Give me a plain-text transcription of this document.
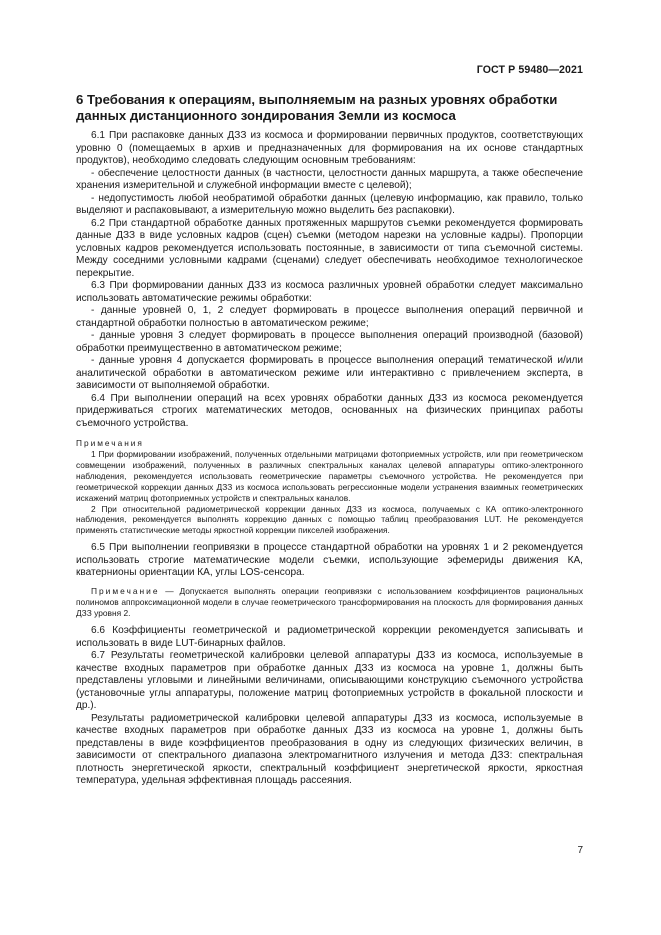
ГОСТ Р 59480—2021
6 Требования к операциям, выполняемым на разных уровнях обработки данных дистанционного зондирования Земли из космоса

6.1 При распаковке данных ДЗЗ из космоса и формировании первичных продуктов, соответствующих уровню 0 (помещаемых в архив и предназначенных для формирования на их основе стандартных продуктов), необходимо следовать следующим основным требованиям:

- обеспечение целостности данных (в частности, целостности данных маршрута, а также обеспечение хранения измерительной и служебной информации вместе с целевой);

- недопустимость любой необратимой обработки данных (целевую информацию, как правило, только выделяют и распаковывают, а измерительную можно выделить без распаковки).

6.2 При стандартной обработке данных протяженных маршрутов съемки рекомендуется формировать данные ДЗЗ в виде условных кадров (сцен) съемки (методом нарезки на условные кадры). Пропорции условных кадров рекомендуется использовать постоянные, в зависимости от типа съемочной системы. Между соседними условными кадрами (сценами) следует обеспечивать необходимое технологическое перекрытие.

6.3 При формировании данных ДЗЗ из космоса различных уровней обработки следует максимально использовать автоматические режимы обработки:

- данные уровней 0, 1, 2 следует формировать в процессе выполнения операций первичной и стандартной обработки полностью в автоматическом режиме;

- данные уровня 3 следует формировать в процессе выполнения операций производной (базовой) обработки преимущественно в автоматическом режиме;

- данные уровня 4 допускается формировать в процессе выполнения операций тематической и/или аналитической обработки в автоматическом режиме или интерактивно с привлечением эксперта, в зависимости от выполняемой обработки.

6.4 При выполнении операций на всех уровнях обработки данных ДЗЗ из космоса рекомендуется придерживаться строгих математических методов, основанных на физических принципах работы съемочного устройства.

Примечания

1 При формировании изображений, полученных отдельными матрицами фотоприемных устройств, или при геометрическом совмещении изображений, полученных в различных спектральных каналах целевой аппаратуры оптико-электронного наблюдения, рекомендуется использовать геометрические параметры съемочного устройства. Не рекомендуется при геометрической коррекции данных ДЗЗ из космоса использовать регрессионные модели устранения взаимных геометрических искажений матриц фотоприемных устройств и спектральных каналов.

2 При относительной радиометрической коррекции данных ДЗЗ из космоса, получаемых с КА оптико-электронного наблюдения, рекомендуется выполнять коррекцию данных с помощью таблиц преобразования LUT. Не рекомендуется применять статистические методы яркостной коррекции пикселей изображения.

6.5 При выполнении геопривязки в процессе стандартной обработки на уровнях 1 и 2 рекомендуется использовать строгие математические модели съемки, использующие эфемериды движения КА, кватернионы ориентации КА, углы LOS-сенсора.

Примечание — Допускается выполнять операции геопривязки с использованием коэффициентов рациональных полиномов аппроксимационной модели в случае геометрического трансформирования на плоскость для формирования данных ДЗЗ уровня 2.

6.6 Коэффициенты геометрической и радиометрической коррекции рекомендуется записывать и использовать в виде LUT-бинарных файлов.

6.7 Результаты геометрической калибровки целевой аппаратуры ДЗЗ из космоса, используемые в качестве входных параметров при обработке данных ДЗЗ из космоса на уровне 1, должны быть представлены угловыми и линейными величинами, описывающими конструкцию съемочного устройства (установочные углы аппаратуры, положение матриц фотоприемных устройств в фокальной плоскости и др.).

Результаты радиометрической калибровки целевой аппаратуры ДЗЗ из космоса, используемые в качестве входных параметров при обработке данных ДЗЗ из космоса на уровне 1, должны быть представлены в виде коэффициентов преобразования в одну из следующих физических величин, в зависимости от спектрального диапазона электромагнитного излучения и метода ДЗЗ: спектральная плотность энергетической яркости, спектральный коэффициент энергетической яркости, яркостная температура, удельная эффективная площадь рассеяния.

7
